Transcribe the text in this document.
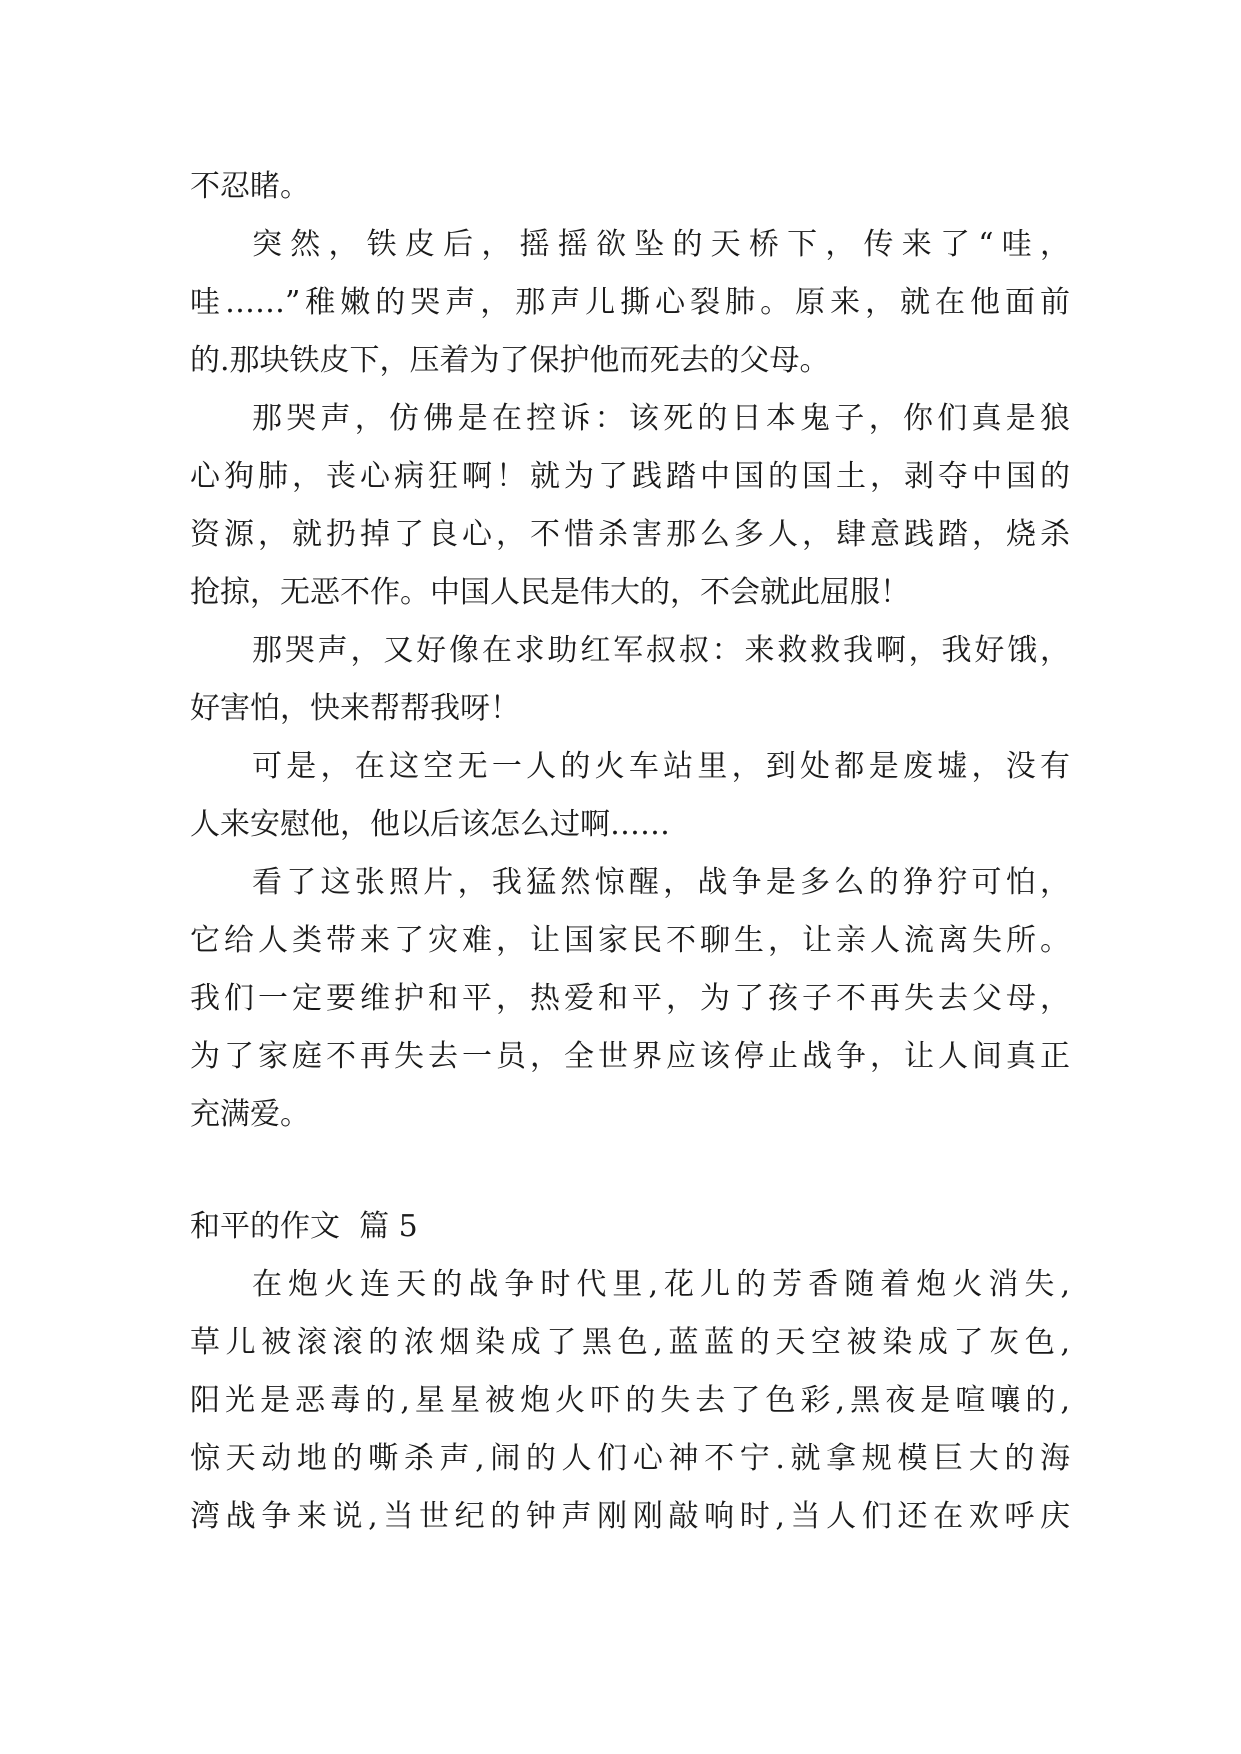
不忍睹。
突然，铁皮后，摇摇欲坠的天桥下，传来了“哇，
哇……”稚嫩的哭声，那声儿撕心裂肺。原来，就在他面前
的.那块铁皮下，压着为了保护他而死去的父母。
那哭声，仿佛是在控诉：该死的日本鬼子，你们真是狼
心狗肺，丧心病狂啊！就为了践踏中国的国土，剥夺中国的
资源，就扔掉了良心，不惜杀害那么多人，肆意践踏，烧杀
抢掠，无恶不作。中国人民是伟大的，不会就此屈服！
那哭声，又好像在求助红军叔叔：来救救我啊，我好饿，
好害怕，快来帮帮我呀！
可是，在这空无一人的火车站里，到处都是废墟，没有
人来安慰他，他以后该怎么过啊……
看了这张照片，我猛然惊醒，战争是多么的狰狞可怕，
它给人类带来了灾难，让国家民不聊生，让亲人流离失所。
我们一定要维护和平，热爱和平，为了孩子不再失去父母，
为了家庭不再失去一员，全世界应该停止战争，让人间真正
充满爱。
和平的作文  篇 5
在炮火连天的战争时代里,花儿的芳香随着炮火消失,
草儿被滚滚的浓烟染成了黑色,蓝蓝的天空被染成了灰色,
阳光是恶毒的,星星被炮火吓的失去了色彩,黑夜是喧嚷的,
惊天动地的嘶杀声,闹的人们心神不宁.就拿规模巨大的海
湾战争来说,当世纪的钟声刚刚敲响时,当人们还在欢呼庆
